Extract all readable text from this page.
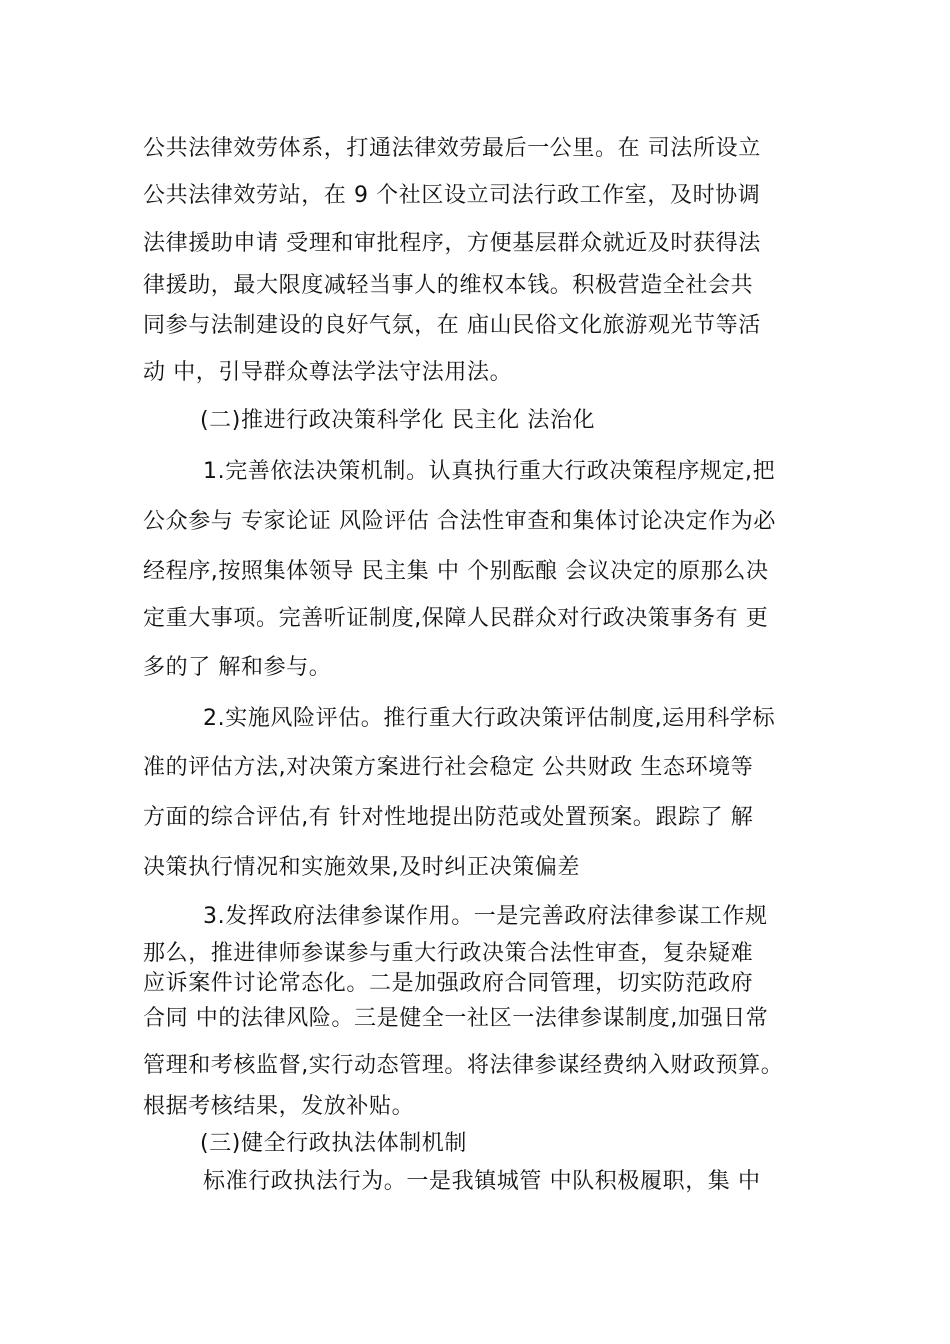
公共法律效劳体系，打通法律效劳最后一公里。在 司法所设立
公共法律效劳站，在 9 个社区设立司法行政工作室，及时协调
法律援助申请 受理和审批程序，方便基层群众就近及时获得法
律援助，最大限度减轻当事人的维权本钱。积极营造全社会共
同参与法制建设的良好气氛，在 庙山民俗文化旅游观光节等活
动 中，引导群众尊法学法守法用法。
(二)推进行政决策科学化 民主化 法治化
1.完善依法决策机制。认真执行重大行政决策程序规定,把
公众参与 专家论证 风险评估 合法性审查和集体讨论决定作为必
经程序,按照集体领导 民主集 中 个别酝酿 会议决定的原那么决
定重大事项。完善听证制度,保障人民群众对行政决策事务有 更
多的了 解和参与。
2.实施风险评估。推行重大行政决策评估制度,运用科学标
准的评估方法,对决策方案进行社会稳定 公共财政 生态环境等
方面的综合评估,有 针对性地提出防范或处置预案。跟踪了 解
决策执行情况和实施效果,及时纠正决策偏差
3.发挥政府法律参谋作用。一是完善政府法律参谋工作规
那么，推进律师参谋参与重大行政决策合法性审查，复杂疑难
应诉案件讨论常态化。二是加强政府合同管理，切实防范政府
合同 中的法律风险。三是健全一社区一法律参谋制度,加强日常
管理和考核监督,实行动态管理。将法律参谋经费纳入财政预算。
根据考核结果，发放补贴。
(三)健全行政执法体制机制
标准行政执法行为。一是我镇城管 中队积极履职，集 中
